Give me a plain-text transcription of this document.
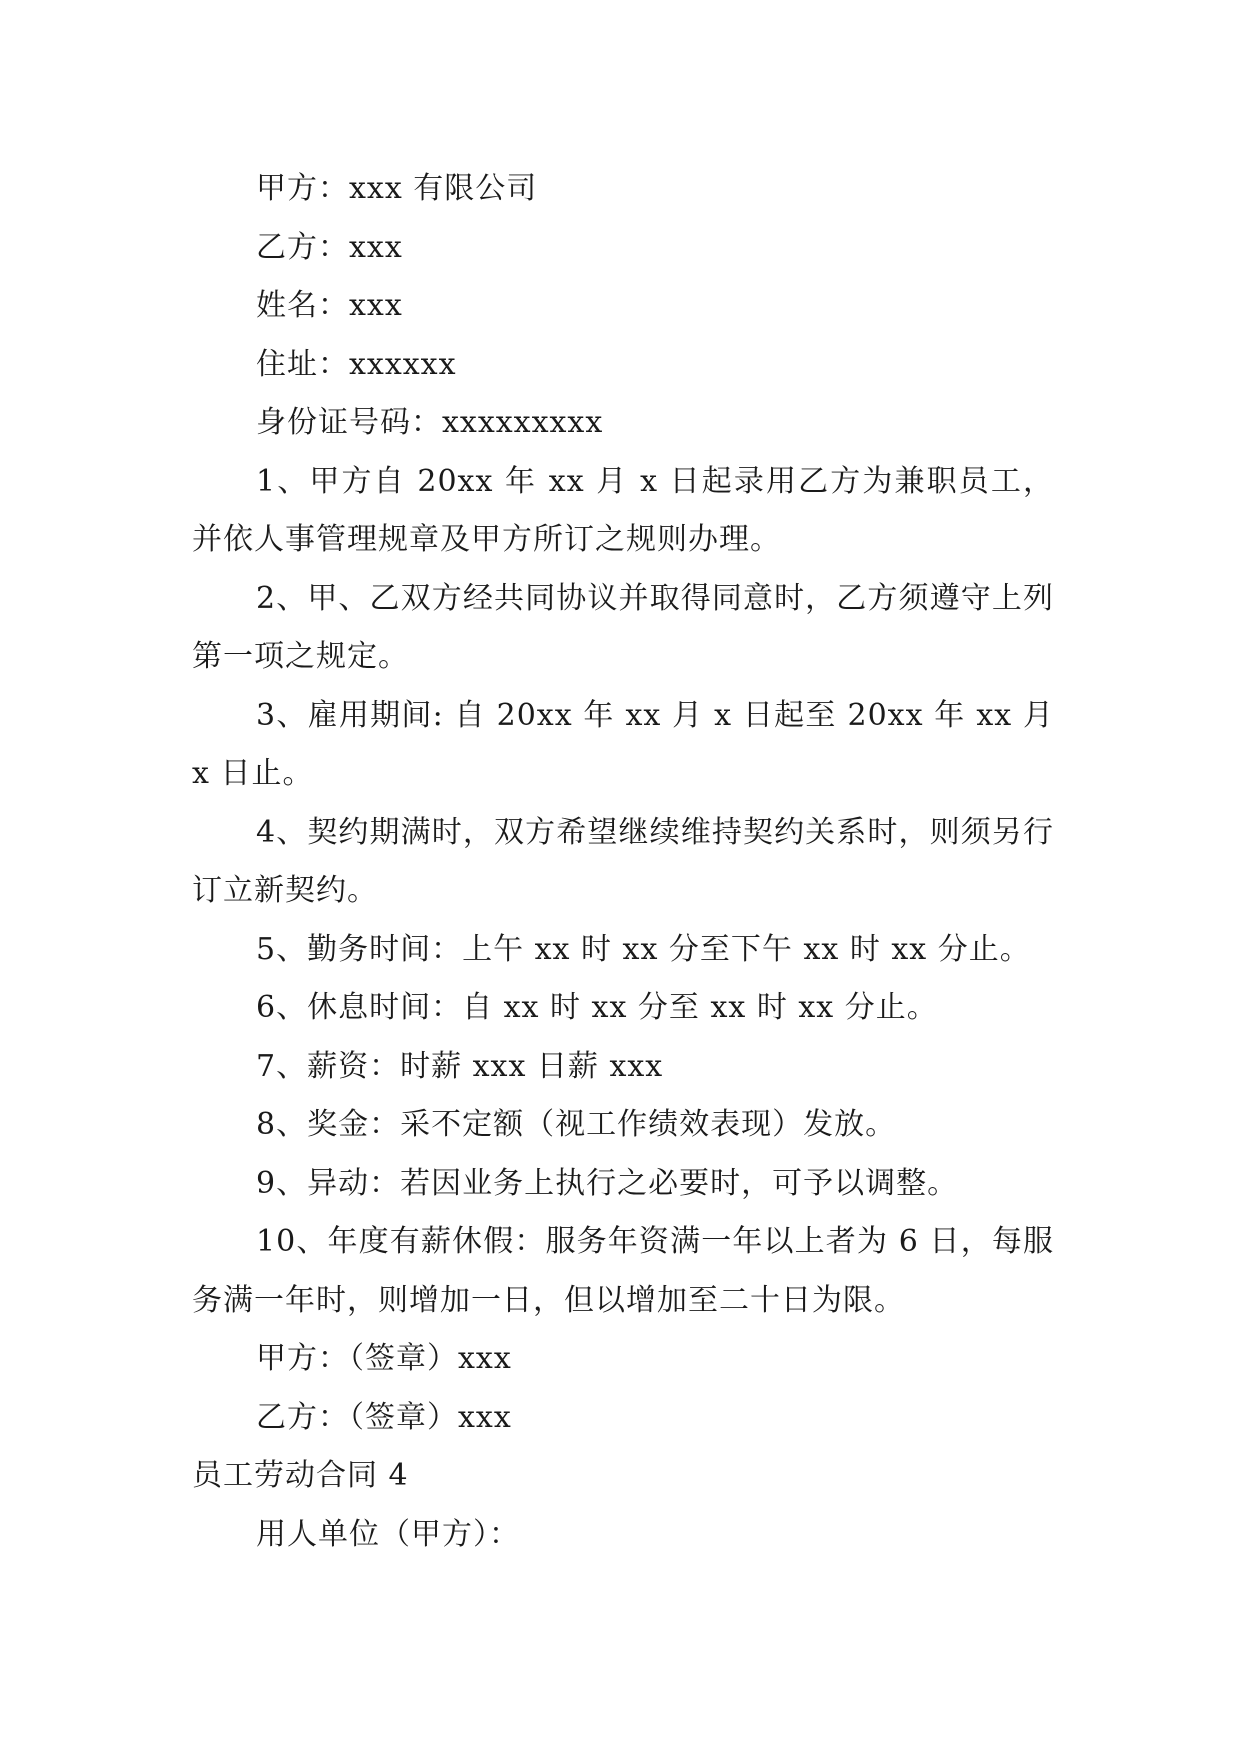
甲方：xxx 有限公司

乙方：xxx

姓名：xxx

住址：xxxxxx

身份证号码：xxxxxxxxx

1、甲方自 20xx 年 xx 月 x 日起录用乙方为兼职员工，并依人事管理规章及甲方所订之规则办理。

2、甲、乙双方经共同协议并取得同意时，乙方须遵守上列第一项之规定。

3、雇用期间: 自 20xx 年 xx 月 x 日起至 20xx 年 xx 月 x 日止。

4、契约期满时，双方希望继续维持契约关系时，则须另行订立新契约。

5、勤务时间：上午 xx 时 xx 分至下午 xx 时 xx 分止。

6、休息时间：自 xx 时 xx 分至 xx 时 xx 分止。

7、薪资：时薪 xxx 日薪 xxx

8、奖金：采不定额（视工作绩效表现）发放。

9、异动：若因业务上执行之必要时，可予以调整。

10、年度有薪休假：服务年资满一年以上者为 6 日，每服务满一年时，则增加一日，但以增加至二十日为限。

甲方：（签章）xxx

乙方：（签章）xxx

员工劳动合同 4

用人单位（甲方）：
